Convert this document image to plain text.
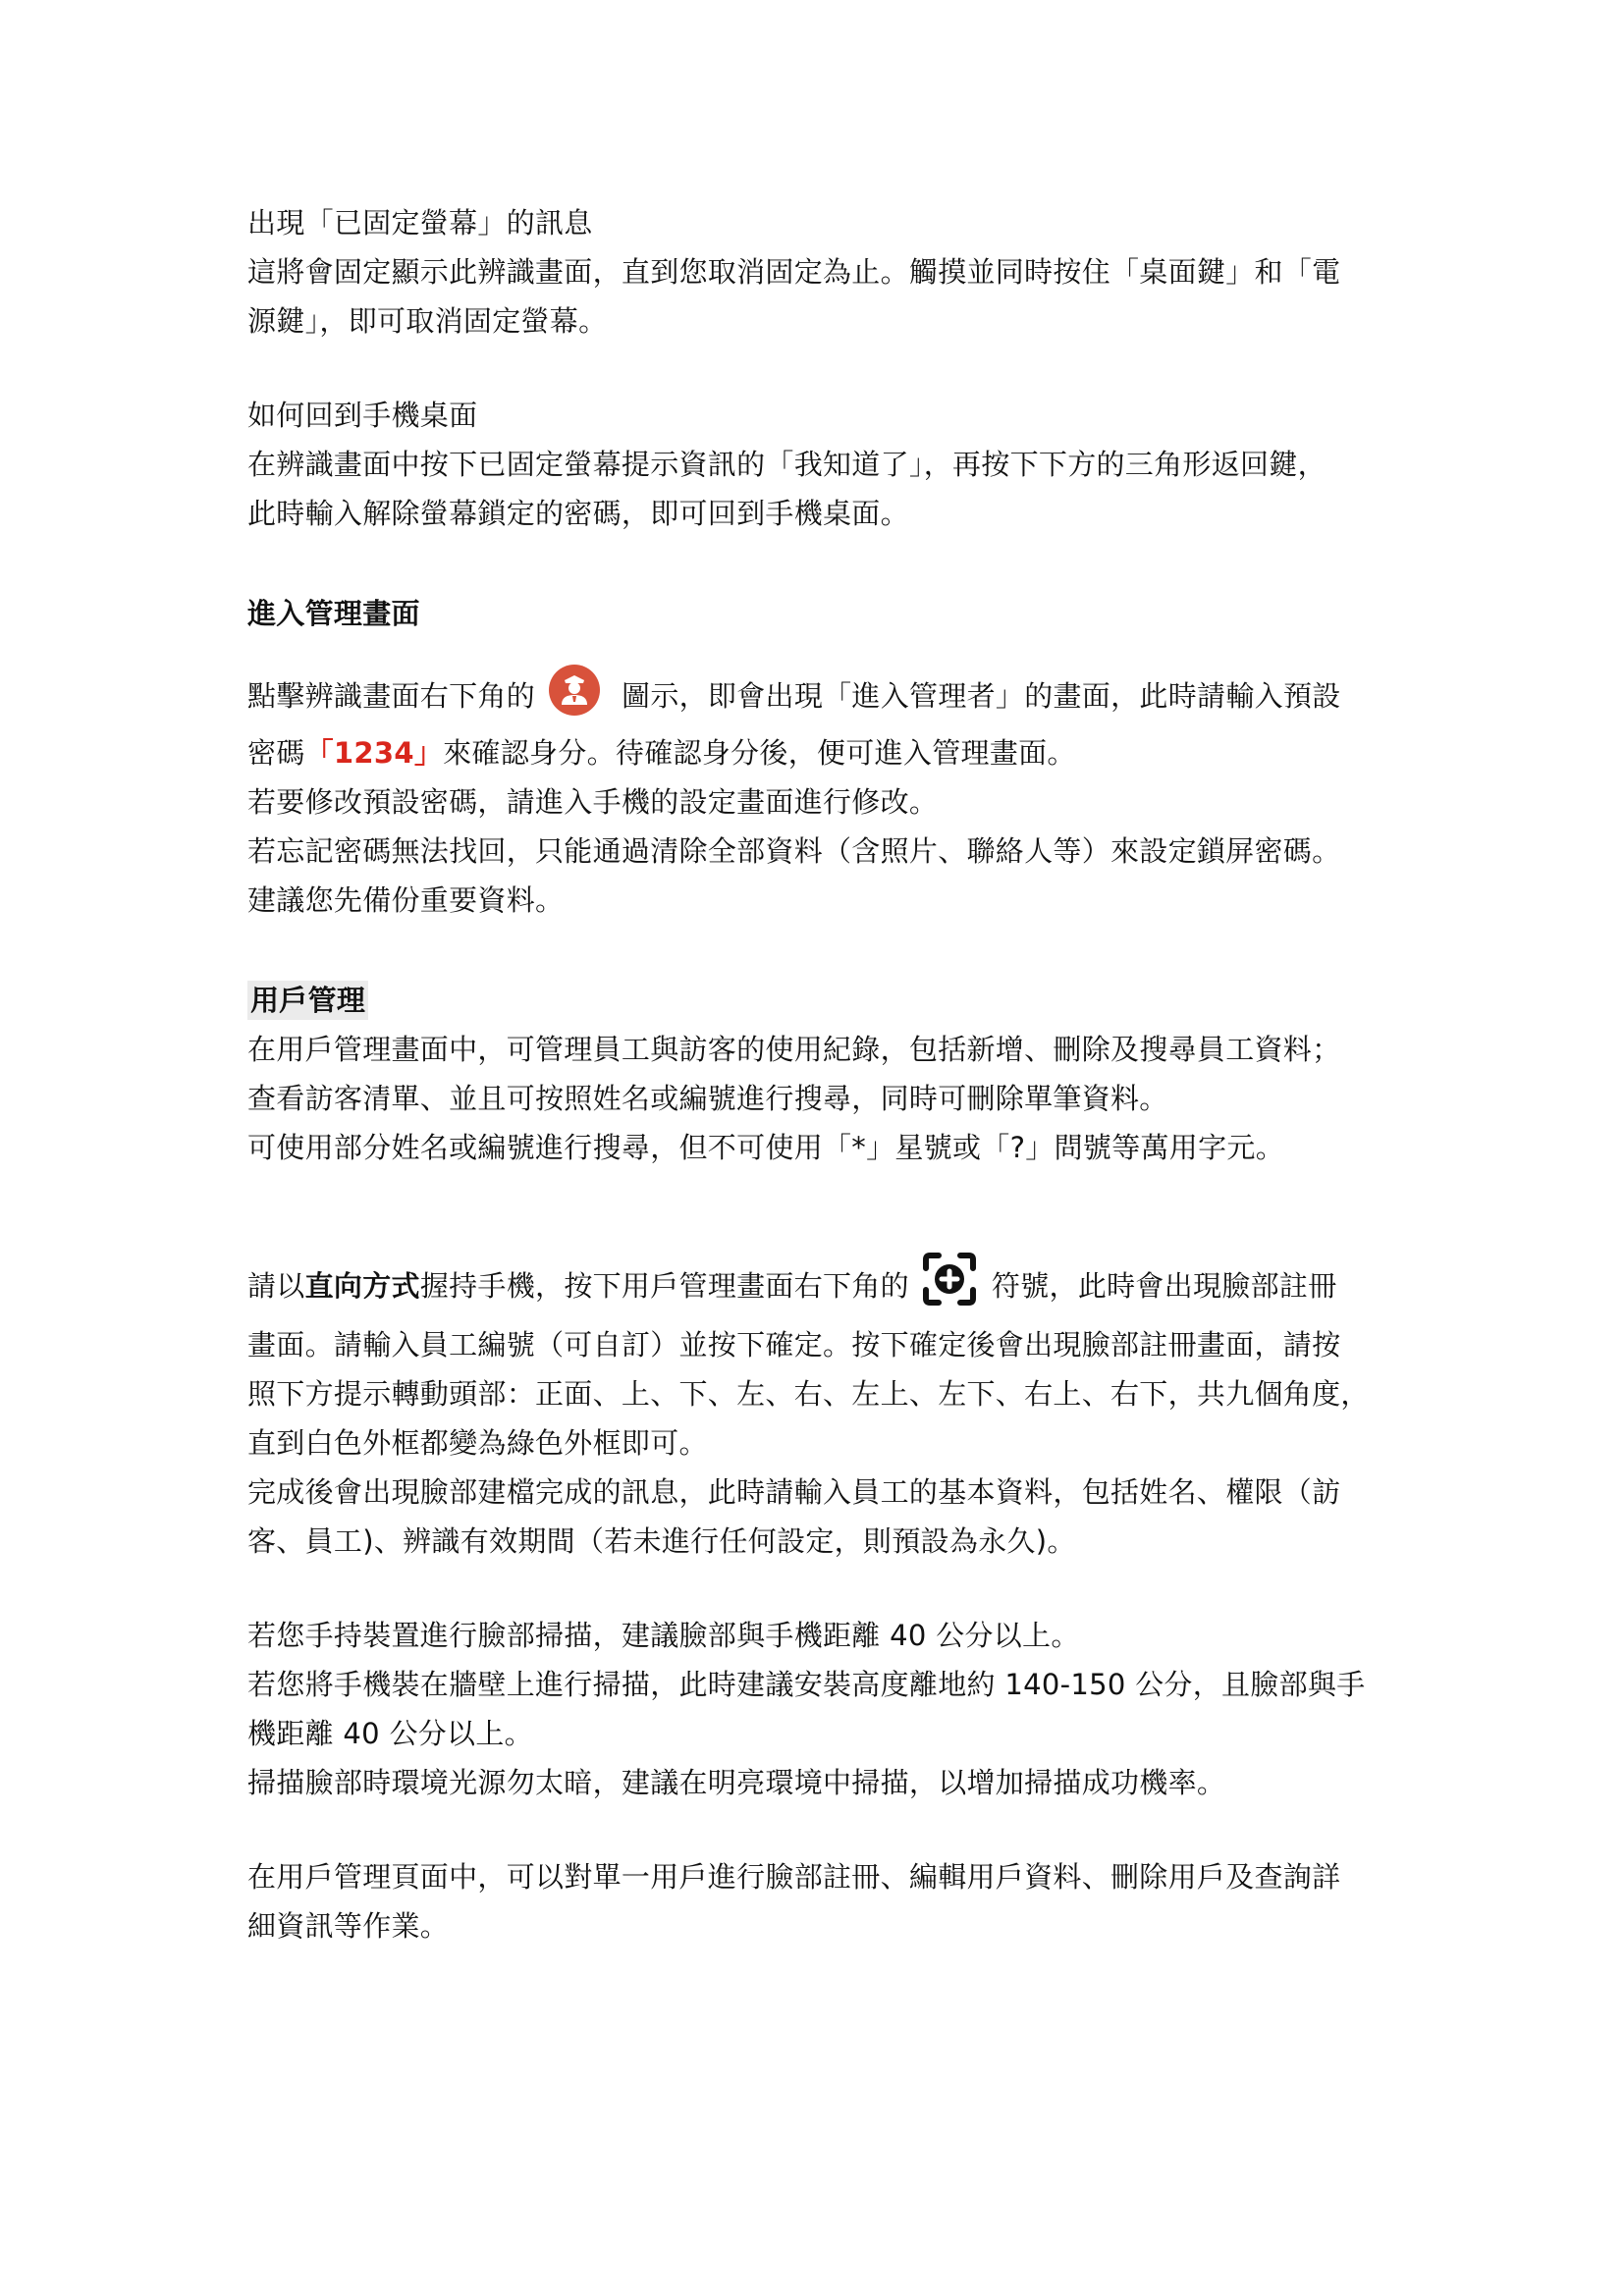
出現「已固定螢幕」的訊息
這將會固定顯示此辨識畫面，直到您取消固定為止。觸摸並同時按住「桌面鍵」和「電
源鍵」，即可取消固定螢幕。
如何回到手機桌面
在辨識畫面中按下已固定螢幕提示資訊的「我知道了」，再按下下方的三角形返回鍵，
此時輸入解除螢幕鎖定的密碼，即可回到手機桌面。
進入管理畫面
點擊辨識畫面右下角的	圖示，即會出現「進入管理者」的畫面，此時請輸入預設
密碼「1234」來確認身分。待確認身分後，便可進入管理畫面。
若要修改預設密碼，請進入手機的設定畫面進行修改。
若忘記密碼無法找回，只能通過清除全部資料（含照片、聯絡人等）來設定鎖屏密碼。
建議您先備份重要資料。
用戶管理
在用戶管理畫面中，可管理員工與訪客的使用紀錄，包括新增、刪除及搜尋員工資料；
查看訪客清單、並且可按照姓名或編號進行搜尋，同時可刪除單筆資料。
可使用部分姓名或編號進行搜尋，但不可使用「*」星號或「?」問號等萬用字元。
請以直向方式握持手機，按下用戶管理畫面右下角的	符號，此時會出現臉部註冊
畫面。請輸入員工編號（可自訂）並按下確定。按下確定後會出現臉部註冊畫面，請按
照下方提示轉動頭部：正面、上、下、左、右、左上、左下、右上、右下，共九個角度，
直到白色外框都變為綠色外框即可。
完成後會出現臉部建檔完成的訊息，此時請輸入員工的基本資料，包括姓名、權限（訪
客、員工)、辨識有效期間（若未進行任何設定，則預設為永久)。
若您手持裝置進行臉部掃描，建議臉部與手機距離 40 公分以上。
若您將手機裝在牆壁上進行掃描，此時建議安裝高度離地約 140-150 公分，且臉部與手
機距離 40 公分以上。
掃描臉部時環境光源勿太暗，建議在明亮環境中掃描，以增加掃描成功機率。
在用戶管理頁面中，可以對單一用戶進行臉部註冊、編輯用戶資料、刪除用戶及查詢詳
細資訊等作業。
